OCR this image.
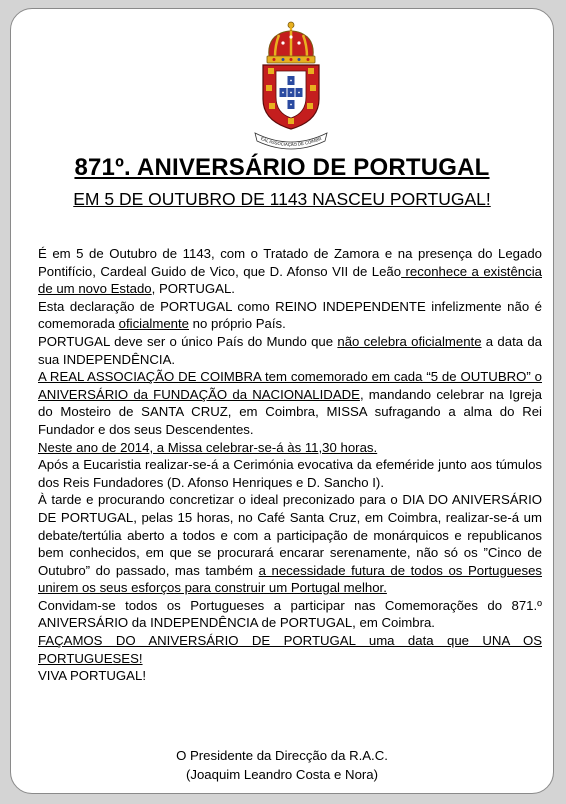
EAL ASSOCIAÇÃO DE COIMBR
871º. ANIVERSÁRIO DE PORTUGAL
EM 5 DE OUTUBRO DE 1143 NASCEU PORTUGAL!

É em 5 de Outubro de 1143, com o Tratado de Zamora e na presença do Legado Pontifício, Cardeal Guido de Vico, que D. Afonso VII de Leão reconhece a existência de um novo Estado, PORTUGAL.

Esta declaração de PORTUGAL como REINO INDEPENDENTE infelizmente não é comemorada oficialmente no próprio País.

PORTUGAL deve ser o único País do Mundo que não celebra oficialmente a data da sua INDEPENDÊNCIA.

A REAL ASSOCIAÇÃO DE COIMBRA tem comemorado em cada “5 de OUTUBRO” o ANIVERSÁRIO da FUNDAÇÃO da NACIONALIDADE, mandando celebrar na Igreja do Mosteiro de SANTA CRUZ, em Coimbra, MISSA sufragando a alma do Rei Fundador e dos seus Descendentes.

Neste ano de 2014, a Missa celebrar-se-á às 11,30 horas.

Após a Eucaristia realizar-se-á a Cerimónia evocativa da efeméride junto aos túmulos dos Reis Fundadores (D. Afonso Henriques e D. Sancho I).

À tarde e procurando concretizar o ideal preconizado para o DIA DO ANIVERSÁRIO DE PORTUGAL, pelas 15 horas, no Café Santa Cruz, em Coimbra, realizar-se-á um debate/tertúlia aberto a todos e com a participação de monárquicos e republicanos bem conhecidos, em que se procurará encarar serenamente, não só os ”Cinco de Outubro” do passado, mas também a necessidade futura de todos os Portugueses unirem os seus esforços para construir um Portugal melhor.

Convidam-se todos os Portugueses a participar nas Comemorações do 871.º ANIVERSÁRIO da INDEPENDÊNCIA de PORTUGAL, em Coimbra.

FAÇAMOS DO ANIVERSÁRIO DE PORTUGAL uma data que UNA OS PORTUGUESES!

VIVA PORTUGAL!

O Presidente da Direcção da R.A.C.
(Joaquim Leandro Costa e Nora)
